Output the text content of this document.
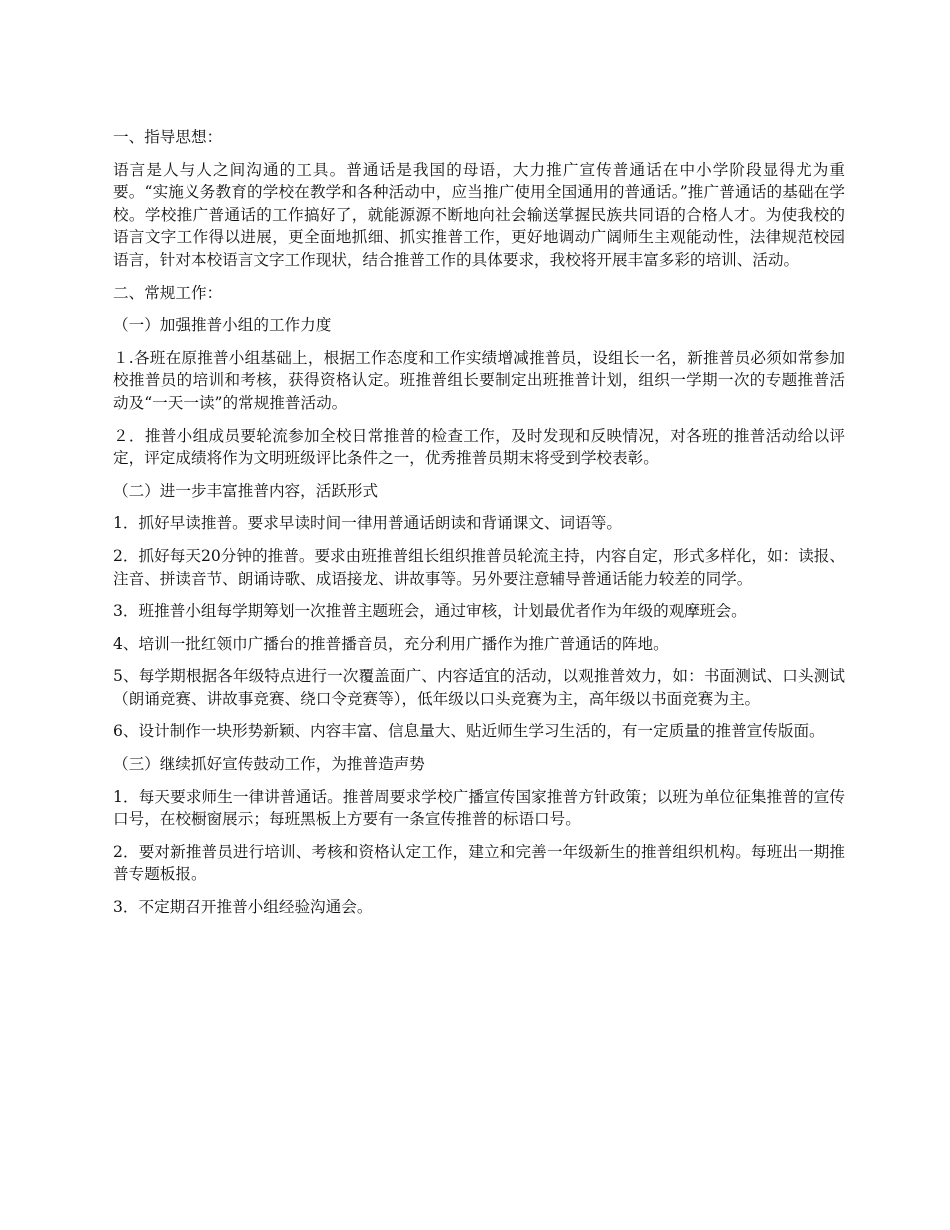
一、指导思想：

语言是人与人之间沟通的工具。普通话是我国的母语，大力推广宣传普通话在中小学阶段显得尤为重要。“实施义务教育的学校在教学和各种活动中，应当推广使用全国通用的普通话。”推广普通话的基础在学校。学校推广普通话的工作搞好了，就能源源不断地向社会输送掌握民族共同语的合格人才。为使我校的语言文字工作得以进展，更全面地抓细、抓实推普工作，更好地调动广阔师生主观能动性，法律规范校园语言，针对本校语言文字工作现状，结合推普工作的具体要求，我校将开展丰富多彩的培训、活动。

二、常规工作：

（一）加强推普小组的工作力度

１.各班在原推普小组基础上，根据工作态度和工作实绩增减推普员，设组长一名，新推普员必须如常参加校推普员的培训和考核，获得资格认定。班推普组长要制定出班推普计划，组织一学期一次的专题推普活动及“一天一读”的常规推普活动。

２．推普小组成员要轮流参加全校日常推普的检查工作，及时发现和反映情况，对各班的推普活动给以评定，评定成绩将作为文明班级评比条件之一，优秀推普员期末将受到学校表彰。

（二）进一步丰富推普内容，活跃形式

1．抓好早读推普。要求早读时间一律用普通话朗读和背诵课文、词语等。

2．抓好每天20分钟的推普。要求由班推普组长组织推普员轮流主持，内容自定，形式多样化，如：读报、注音、拼读音节、朗诵诗歌、成语接龙、讲故事等。另外要注意辅导普通话能力较差的同学。

3．班推普小组每学期筹划一次推普主题班会，通过审核，计划最优者作为年级的观摩班会。

4、培训一批红领巾广播台的推普播音员，充分利用广播作为推广普通话的阵地。

5、每学期根据各年级特点进行一次覆盖面广、内容适宜的活动，以观推普效力，如：书面测试、口头测试（朗诵竞赛、讲故事竞赛、绕口令竞赛等），低年级以口头竞赛为主，高年级以书面竞赛为主。

6、设计制作一块形势新颖、内容丰富、信息量大、贴近师生学习生活的，有一定质量的推普宣传版面。

（三）继续抓好宣传鼓动工作，为推普造声势

1．每天要求师生一律讲普通话。推普周要求学校广播宣传国家推普方针政策；以班为单位征集推普的宣传口号，在校橱窗展示；每班黑板上方要有一条宣传推普的标语口号。

2．要对新推普员进行培训、考核和资格认定工作，建立和完善一年级新生的推普组织机构。每班出一期推普专题板报。

3．不定期召开推普小组经验沟通会。
